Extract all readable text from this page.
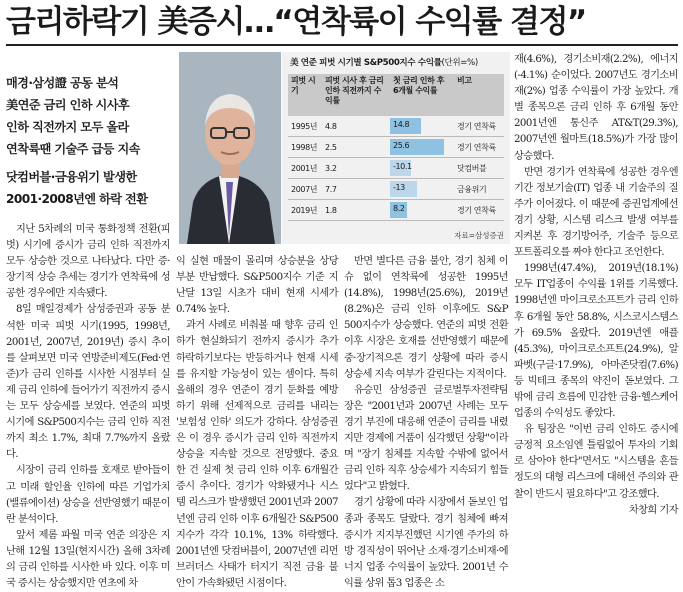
금리하락기 美증시…“연착륙이 수익률 결정”
매경·삼성證 공동 분석
美연준 금리 인하 시사후
인하 직전까지 모두 올라
연착륙땐 기술주 급등 지속
닷컴버블·금융위기 발생한
2001·2008년엔 하락 전환
美 연준 피벗 시기별 S&P500지수 수익률(단위=%)
피벗 시기	피벗 시사 후 금리 인하 직전까지 수익률	첫 금리 인하 후 6개월 수익률	비고
1995년	4.8	14.8	경기 연착륙
1998년	2.5	25.6	경기 연착륙
2001년	3.2	-10.1	닷컴버블
2007년	7.7	-13	금융위기
2019년	1.8	8.2	경기 연착륙
자료=삼성증권

지난 5차례의 미국 통화정책 전환(피벗) 시기에 증시가 금리 인하 직전까지 모두 상승한 것으로 나타났다. 다만 증·장기적 상승 추세는 경기가 연착륙에 성공한 경우에만 지속됐다.

8일 매일경제가 삼성증권과 공동 분석한 미국 피벗 시기(1995, 1998년, 2001년, 2007년, 2019년) 증시 추이를 살펴보면 미국 연방준비제도(Fed·연준)가 금리 인하를 시사한 시점부터 실제 금리 인하에 들어가기 직전까지 증시는 모두 상승세를 보였다. 연준의 피벗 시기에 S&P500지수는 금리 인하 직전까지 최소 1.7%, 최대 7.7%까지 올랐다.

시장이 금리 인하를 호재로 받아들이고 미래 할인율 인하에 따른 기업가치(밸류에이션) 상승을 선반영했기 때문이란 분석이다.

앞서 제롬 파월 미국 연준 의장은 지난해 12월 13일(현지시간) 올해 3차례의 금리 인하를 시사한 바 있다. 이후 미국 증시는 상승했지만 연초에 차

익 실현 매물이 몰리며 상승분을 상당 부분 반납했다. S&P500지수 기준 지난달 13일 시초가 대비 현재 시세가 0.74% 높다.

과거 사례로 비춰볼 때 향후 금리 인하가 현실화되기 전까지 증시가 추가 하락하기보다는 반등하거나 현재 시세를 유지할 가능성이 있는 셈이다. 특히 올해의 경우 연준이 경기 둔화를 예방하기 위해 선제적으로 금리를 내리는 '보험성 인하' 의도가 강하다. 삼성증권은 이 경우 증시가 금리 인하 직전까지 상승을 지속할 것으로 전망했다. 중요한 건 실제 첫 금리 인하 이후 6개월간 증시 추이다. 경기가 악화됐거나 시스템 리스크가 발생했던 2001년과 2007년엔 금리 인하 이후 6개월간 S&P500지수가 각각 10.1%, 13% 하락했다. 2001년엔 닷컴버블이, 2007년엔 리먼브러더스 사태가 터지기 직전 금융 불안이 가속화됐던 시점이다.

반면 별다른 금융 불안, 경기 침체 이슈 없이 연착륙에 성공한 1995년(14.8%), 1998년(25.6%), 2019년(8.2%)은 금리 인하 이후에도 S&P 500지수가 상승했다. 연준의 피벗 전환 이후 시장은 호재를 선반영했기 때문에 중·장기적으론 경기 상황에 따라 증시 상승세 지속 여부가 갈린다는 지적이다.

유승민 삼성증권 글로벌투자전략팀장은 "2001년과 2007년 사례는 모두 경기 부진에 대응해 연준이 금리를 내렸지만 경제에 거품이 심각했던 상황"이라며 "장기 침체를 지속할 수밖에 없어서 금리 인하 직후 상승세가 지속되기 힘들었다"고 밝혔다.

경기 상황에 따라 시장에서 돋보인 업종과 종목도 달랐다. 경기 침체에 빠져 증시가 지지부진했던 시기엔 주가의 하방 경직성이 뛰어난 소재·경기소비재·에너지 업종 수익률이 높았다. 2001년 수익률 상위 톱3 업종은 소

재(4.6%), 경기소비재(2.2%), 에너지(-4.1%) 순이었다. 2007년도 경기소비재(2%) 업종 수익률이 가장 높았다. 개별 종목으론 금리 인하 후 6개월 동안 2001년엔 통신주 AT&T(29.3%), 2007년엔 월마트(18.5%)가 가장 많이 상승했다.

반면 경기가 연착륙에 성공한 경우엔 기간 정보기술(IT) 업종 내 기술주의 질주가 이어졌다. 이 때문에 증권업계에선 경기 상황, 시스템 리스크 발생 여부를 지켜본 후 경기방어주, 기술주 등으로 포트폴리오를 짜야 한다고 조언한다.

1998년(47.4%), 2019년(18.1%) 모두 IT업종이 수익률 1위를 기록했다. 1998년엔 마이크로소프트가 금리 인하 후 6개월 동안 58.8%, 시스코시스템스가 69.5% 올랐다. 2019년엔 애플(45.3%), 마이크로소프트(24.9%), 알파벳(구글·17.9%), 아마존닷컴(7.6%) 등 빅테크 종목의 약진이 돋보였다. 그 밖에 금리 흐름에 민감한 금융·헬스케어 업종의 수익성도 좋았다.

유 팀장은 "이번 금리 인하도 증시에 긍정적 요소임엔 틀림없어 투자의 기회로 삼아야 한다"면서도 "시스템을 흔들 정도의 대형 리스크에 대해선 주의와 관찰이 반드시 필요하다"고 강조했다.

차창희 기자
